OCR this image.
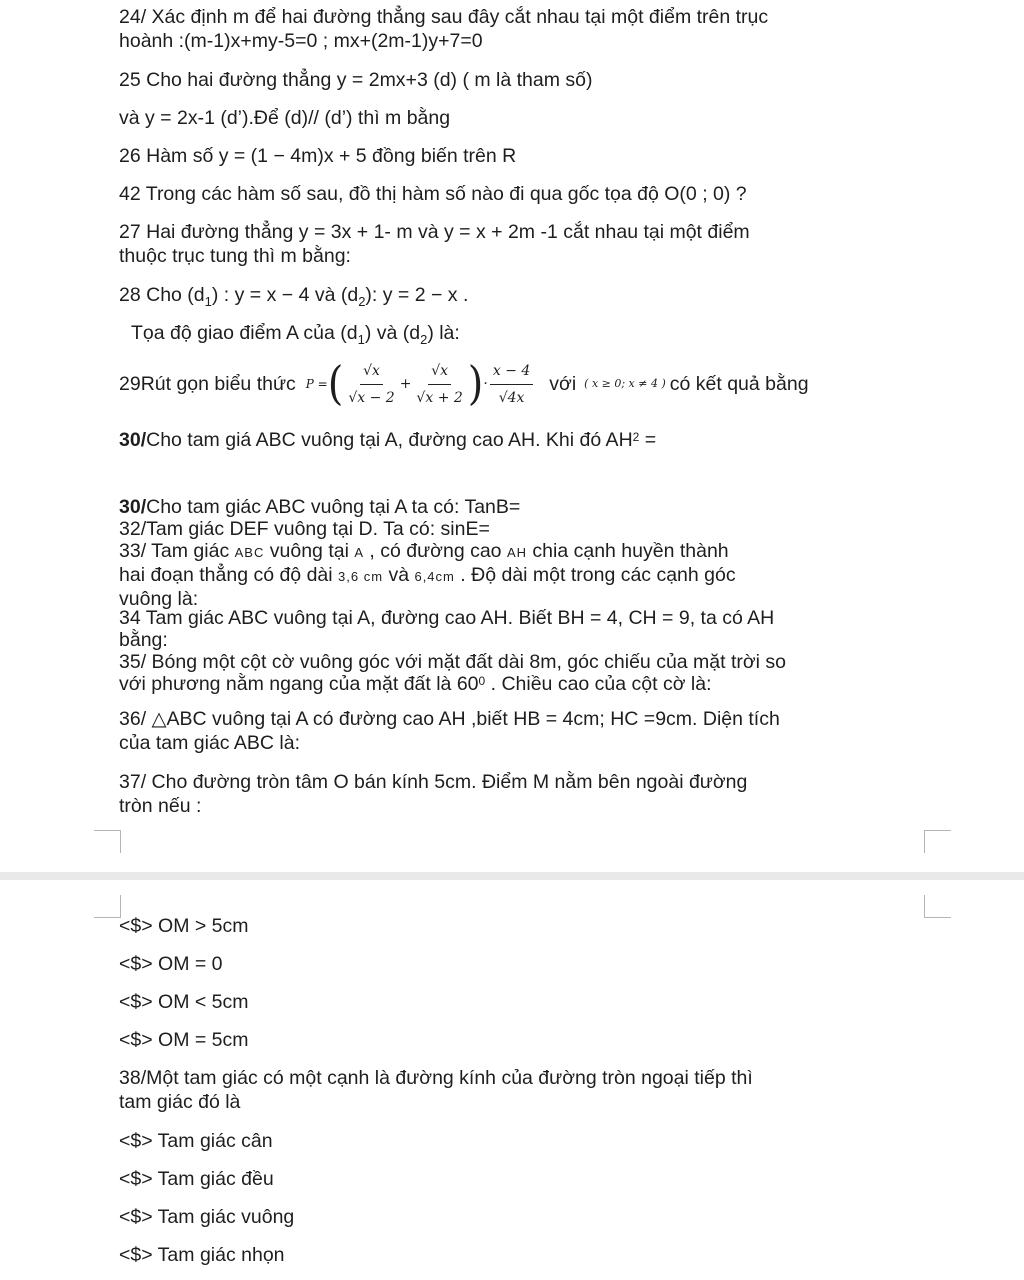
24/ Xác định m để hai đường thẳng sau đây cắt nhau tại một điểm trên trục
hoành :(m-1)x+my-5=0 ; mx+(2m-1)y+7=0
25 Cho hai đường thẳng y = 2mx+3 (d) ( m là tham số)
và y = 2x-1 (d’).Để (d)// (d’) thì m bằng
26 Hàm số y = (1 − 4m)x + 5 đồng biến trên R
42 Trong các hàm số sau, đồ thị hàm số nào đi qua gốc tọa độ O(0 ; 0) ?
27 Hai đường thẳng y = 3x + 1- m và y = x + 2m -1 cắt nhau tại một điểm
thuộc trục tung thì m bằng:
28 Cho $(d_1)$ : y = x − 4 và $(d_2)$: y = 2 − x .
Tọa độ giao điểm A của $(d_1)$ và $(d_2)$ là:
29Rút gọn biểu thức P = ( $\frac{√x}{√x - 2} + \frac{√x}{√x + 2}$ ) · $\frac{x - 4}{√4x}$ với ( x ≥ 0; x ≠ 4 ) có kết quả bằng
30/Cho tam giá ABC vuông tại A, đường cao AH. Khi đó $AH^2$ =
30/Cho tam giác ABC vuông tại A ta có: TanB=
32/Tam giác DEF vuông tại D. Ta có: sinE=
33/ Tam giác ABC vuông tại A , có đường cao AH chia cạnh huyền thành
hai đoạn thẳng có độ dài 3,6 cm và 6,4cm . Độ dài một trong các cạnh góc
vuông là:
34 Tam giác ABC vuông tại A, đường cao AH. Biết BH = 4, CH = 9, ta có AH
bằng:
35/ Bóng một cột cờ vuông góc với mặt đất dài 8m, góc chiếu của mặt trời so
với phương nằm ngang của mặt đất là $60^0$ . Chiều cao của cột cờ là:
36/ △ABC vuông tại A có đường cao AH ,biết HB = 4cm; HC =9cm. Diện tích
của tam giác ABC là:
37/ Cho đường tròn tâm O bán kính 5cm. Điểm M nằm bên ngoài đường
tròn nếu :
<$> OM > 5cm
<$> OM = 0
<$> OM < 5cm
<$> OM = 5cm
38/Một tam giác có một cạnh là đường kính của đường tròn ngoại tiếp thì
tam giác đó là
<$> Tam giác cân
<$> Tam giác đều
<$> Tam giác vuông
<$> Tam giác nhọn
